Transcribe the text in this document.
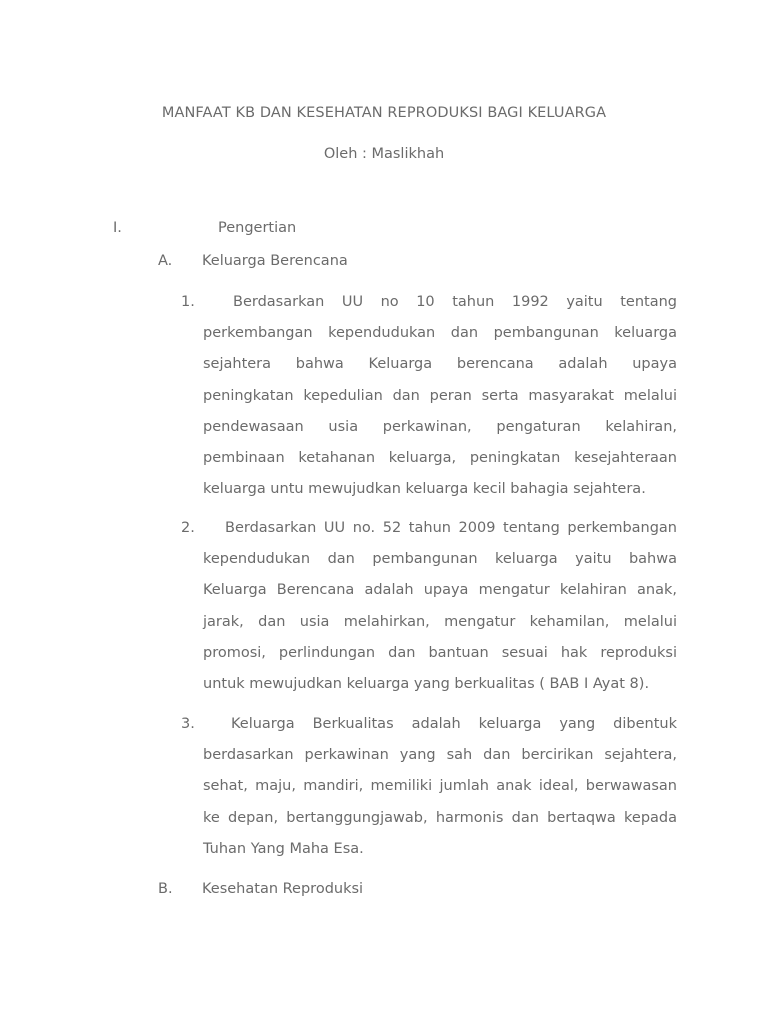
MANFAAT KB DAN KESEHATAN REPRODUKSI BAGI KELUARGA
Oleh : Maslikhah
I.	Pengertian
A. Keluarga Berencana
1.	Berdasarkan UU no 10 tahun 1992 yaitu tentang
perkembangan kependudukan dan pembangunan keluarga
sejahtera bahwa Keluarga berencana adalah upaya
peningkatan kepedulian dan peran serta masyarakat melalui
pendewasaan usia perkawinan, pengaturan kelahiran,
pembinaan ketahanan keluarga, peningkatan kesejahteraan
keluarga untu mewujudkan keluarga kecil bahagia sejahtera.
2.	Berdasarkan UU no. 52 tahun 2009 tentang perkembangan
kependudukan dan pembangunan keluarga yaitu bahwa
Keluarga Berencana adalah upaya mengatur kelahiran anak,
jarak, dan usia melahirkan, mengatur kehamilan, melalui
promosi, perlindungan dan bantuan sesuai hak reproduksi
untuk mewujudkan keluarga yang berkualitas ( BAB I Ayat 8).
3.	Keluarga Berkualitas adalah keluarga yang dibentuk
berdasarkan perkawinan yang sah dan bercirikan sejahtera,
sehat, maju, mandiri, memiliki jumlah anak ideal, berwawasan
ke depan, bertanggungjawab, harmonis dan bertaqwa kepada
Tuhan Yang Maha Esa.
B. Kesehatan Reproduksi
